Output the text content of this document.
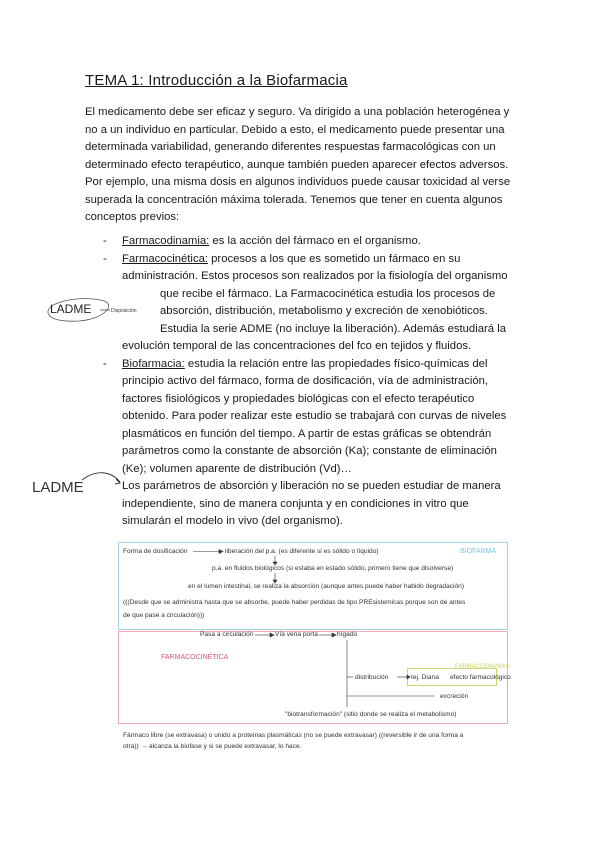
TEMA 1: Introducción a la Biofarmacia
El medicamento debe ser eficaz y seguro. Va dirigido a una población heterogénea y
no a un individuo en particular. Debido a esto, el medicamento puede presentar una
determinada variabilidad, generando diferentes respuestas farmacológicas con un
determinado efecto terapéutico, aunque también pueden aparecer efectos adversos.
Por ejemplo, una misma dosis en algunos individuos puede causar toxicidad al verse
superada la concentración máxima tolerada. Tenemos que tener en cuenta algunos
conceptos previos:
- Farmacodinamia: es la acción del fármaco en el organismo.
- Farmacocinética: procesos a los que es sometido un fármaco en su
administración. Estos procesos son realizados por la fisiología del organismo
que recibe el fármaco. La Farmacocinética estudia los procesos de
absorción, distribución, metabolismo y excreción de xenobióticos.
Estudia la serie ADME (no incluye la liberación). Además estudiará la
evolución temporal de las concentraciones del fco en tejidos y fluidos.
LADME	Disposición
- Biofarmacia: estudia la relación entre las propiedades físico-químicas del
principio activo del fármaco, forma de dosificación, vía de administración,
factores fisiológicos y propiedades biológicas con el efecto terapéutico
obtenido. Para poder realizar este estudio se trabajará con curvas de niveles
plasmáticos en función del tiempo. A partir de estas gráficas se obtendrán
parámetros como la constante de absorción (Ka); constante de eliminación
(Ke); volumen aparente de distribución (Vd)…
Los parámetros de absorción y liberación no se pueden estudiar de manera
independiente, sino de manera conjunta y en condiciones in vitro que
simularán el modelo in vivo (del organismo).
LADME
BIOFARMA
Forma de dosificación	liberación del p.a. (es diferente si es sólido o líquido)
p.a. en fluidos biológicos (si estaba en estado sólido, primero tiene que disolverse)
en el lumen intestinal, se realiza la absorción (aunque antes puede haber habido degradación)
(((Desde que se administra hasta que se absorbe, puede haber perdidas de tipo PREsistemicas porque son de antes
de que pase a circulación)))
Pasa a circulación	Vía vena porta	hígado
FARMACOCINÉTICA
FARMACODINAMIA
distribución	tej. Diana efecto farmacológico
excreción
"biotransformación" (sitio donde se realiza el metabolismo)
Fármaco libre (se extravasa) o unido a proteínas plasmáticas (no se puede extravasar) ((reversible ir de una forma a
otra)) → alcanza la biofase y si se puede extravasar, lo hace.
